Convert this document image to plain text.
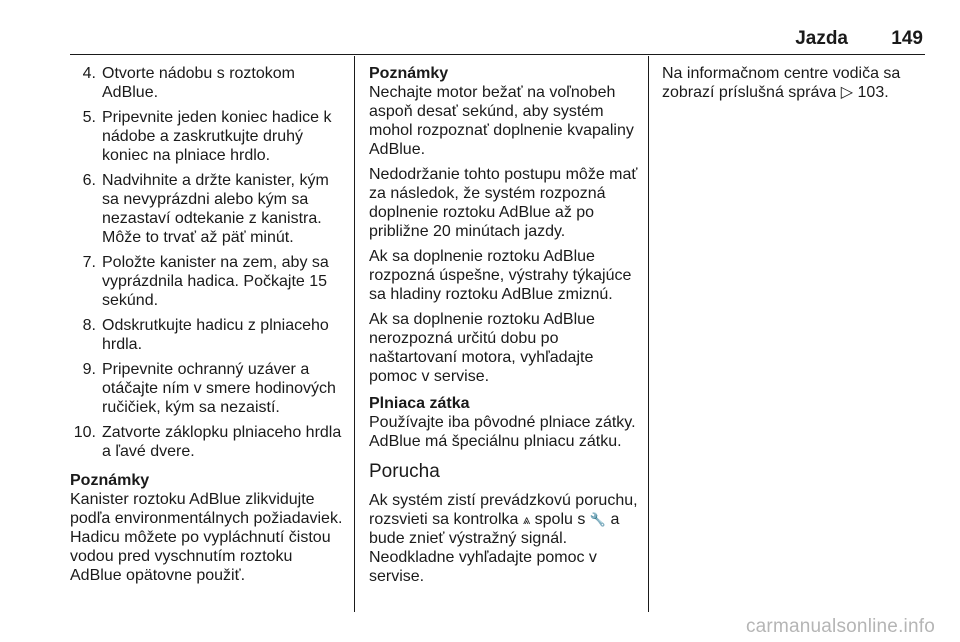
Jazda 149
4. Otvorte nádobu s roztokom AdBlue.
5. Pripevnite jeden koniec hadice k nádobe a zaskrutkujte druhý koniec na plniace hrdlo.
6. Nadvihnite a držte kanister, kým sa nevyprázdni alebo kým sa nezastaví odtekanie z kanistra. Môže to trvať až päť minút.
7. Položte kanister na zem, aby sa vyprázdnila hadica. Počkajte 15 sekúnd.
8. Odskrutkujte hadicu z plniaceho hrdla.
9. Pripevnite ochranný uzáver a otáčajte ním v smere hodinových ručičiek, kým sa nezaistí.
10. Zatvorte záklopku plniaceho hrdla a ľavé dvere.
Poznámky

Kanister roztoku AdBlue zlikvidujte podľa environmentálnych požiadaviek. Hadicu môžete po vypláchnutí čistou vodou pred vyschnutím roztoku AdBlue opätovne použiť.

Poznámky

Nechajte motor bežať na voľnobeh aspoň desať sekúnd, aby systém mohol rozpoznať doplnenie kvapaliny AdBlue.

Nedodržanie tohto postupu môže mať za následok, že systém rozpozná doplnenie roztoku AdBlue až po približne 20 minútach jazdy.

Ak sa doplnenie roztoku AdBlue rozpozná úspešne, výstrahy týkajúce sa hladiny roztoku AdBlue zmiznú.

Ak sa doplnenie roztoku AdBlue nerozpozná určitú dobu po naštartovaní motora, vyhľadajte pomoc v servise.

Plniaca zátka

Používajte iba pôvodné plniace zátky. AdBlue má špeciálnu plniacu zátku.

Porucha

Ak systém zistí prevádzkovú poruchu, rozsvieti sa kontrolka ⩓ spolu s 🔧 a bude znieť výstražný signál. Neodkladne vyhľadajte pomoc v servise.

Na informačnom centre vodiča sa zobrazí príslušná správa ▷ 103.

carmanualsonline.info
